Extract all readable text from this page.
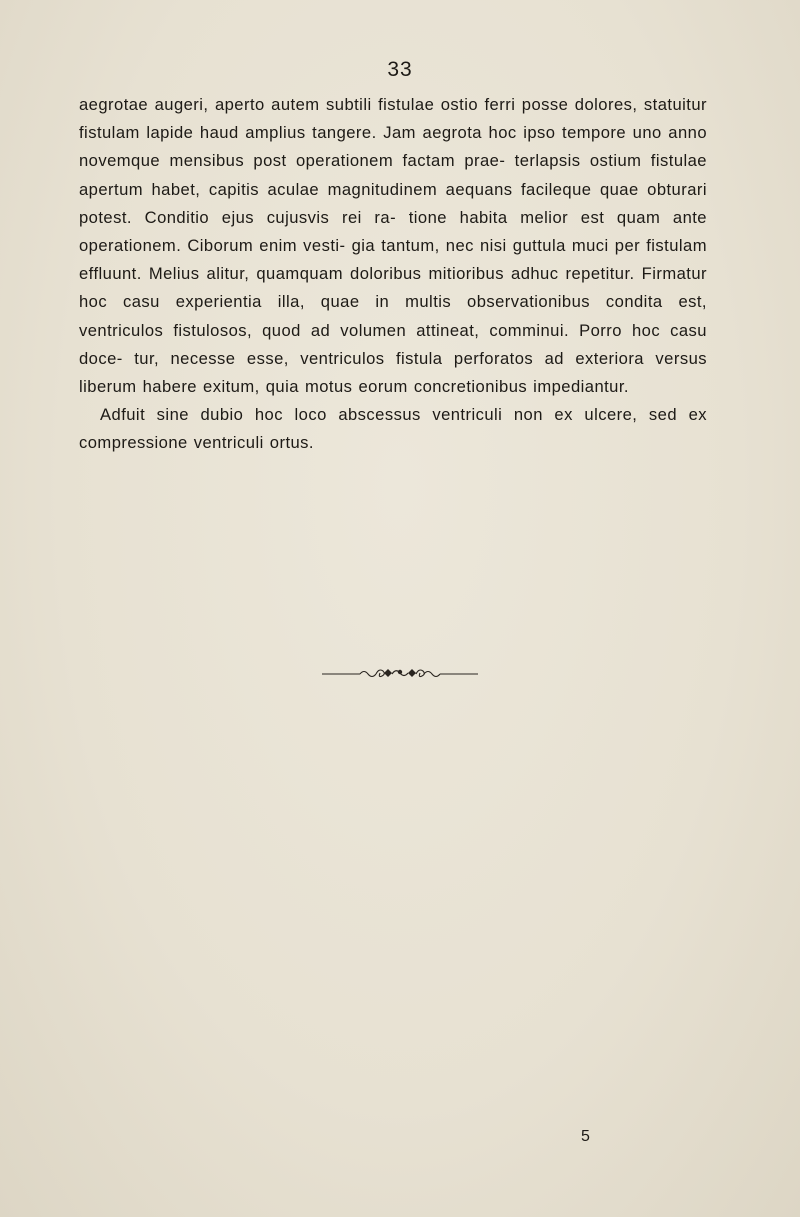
33

aegrotae augeri, aperto autem subtili fistulae ostio ferri posse dolores, statuitur fistulam lapide haud amplius tangere. Jam aegrota hoc ipso tempore uno anno novemque mensibus post operationem factam prae- terlapsis ostium fistulae apertum habet, capitis aculae magnitudinem aequans facileque quae obturari potest. Conditio ejus cujusvis rei ra- tione habita melior est quam ante operationem. Ciborum enim vesti- gia tantum, nec nisi guttula muci per fistulam effluunt. Melius alitur, quamquam doloribus mitioribus adhuc repetitur. Firmatur hoc casu experientia illa, quae in multis observationibus condita est, ventriculos fistulosos, quod ad volumen attineat, comminui. Porro hoc casu doce- tur, necesse esse, ventriculos fistula perforatos ad exteriora versus liberum habere exitum, quia motus eorum concretionibus impediantur.

Adfuit sine dubio hoc loco abscessus ventriculi non ex ulcere, sed ex compressione ventriculi ortus.

5
